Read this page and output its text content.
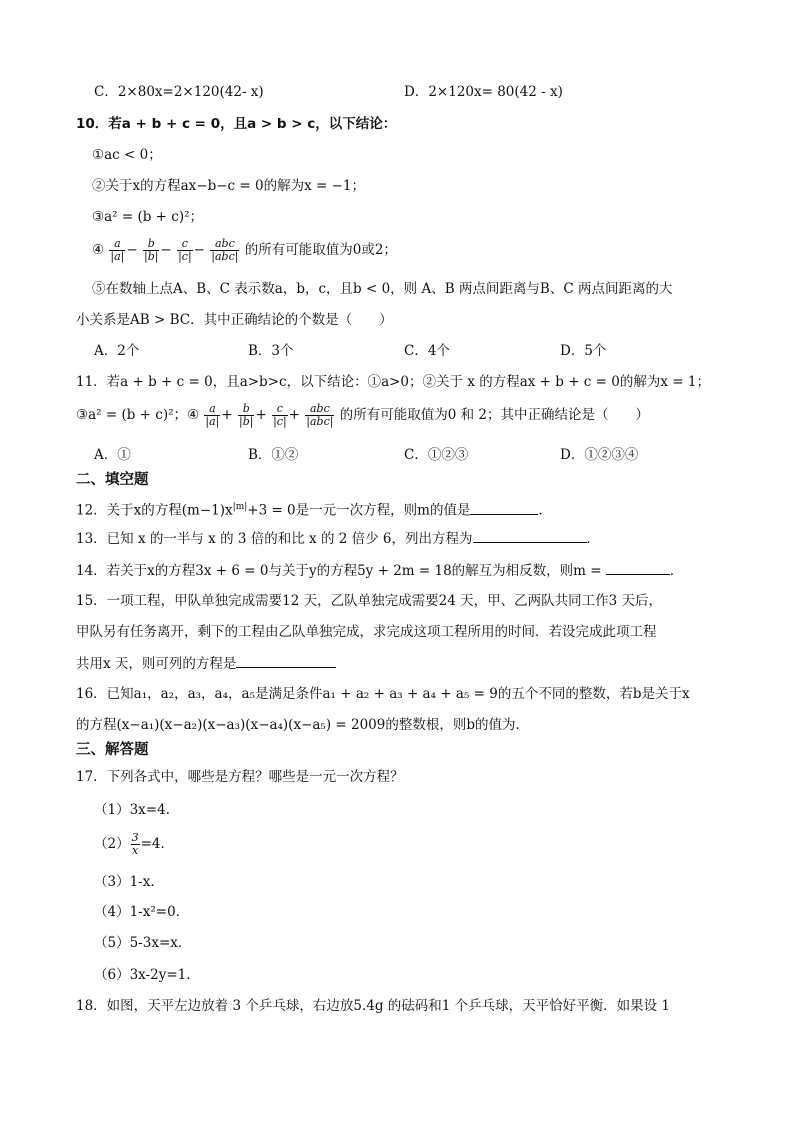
C．2×80x=2×120(42- x)	D．2×120x= 80(42 - x)
10．若a + b + c = 0，且a > b > c，以下结论：
①ac < 0；
②关于x的方程ax−b−c = 0的解为x = −1；
③a² = (b + c)²；
④ $\frac{a}{|a|} - \frac{b}{|b|} - \frac{c}{|c|} - \frac{\text{abc}}{\text{|abc|}}$ 的所有可能取值为0或2；
⑤在数轴上点A、B、C 表示数a，b，c，且b < 0，则 A、B 两点间距离与B、C 两点间距离的大
小关系是AB > BC．其中正确结论的个数是（　　）
A．2个	B．3个	C．4个	D．5个
11．若a + b + c = 0，且a>b>c，以下结论：①a>0；②关于 x 的方程ax + b + c = 0的解为x = 1；
③a² = (b + c)²；④ $\frac{a}{|a|} + \frac{b}{|b|} + \frac{c}{|c|} + \frac{\text{abc}}{\text{|abc|}}$ 的所有可能取值为0 和 2；其中正确结论是（　　）
A．①	B．①②	C．①②③	D．①②③④
二、填空题
12．关于x的方程$(m-1)x^{|m|}+3 = 0$是一元一次方程，则m的值是	．
13．已知 x 的一半与 x 的 3 倍的和比 x 的 2 倍少 6，列出方程为	．
14．若关于x的方程3x + 6 = 0与关于y的方程5y + 2m = 18的解互为相反数，则m =	．
15．一项工程，甲队单独完成需要12 天，乙队单独完成需要24 天，甲、乙两队共同工作3 天后，
甲队另有任务离开，剩下的工程由乙队单独完成，求完成这项工程所用的时间．若设完成此项工程
共用x 天，则可列的方程是
16．已知a₁，a₂，a₃，a₄，a₅是满足条件a₁ + a₂ + a₃ + a₄ + a₅ = 9的五个不同的整数，若b是关于x
的方程(x−a₁)(x−a₂)(x−a₃)(x−a₄)(x−a₅) = 2009的整数根，则b的值为．
三、解答题
17．下列各式中，哪些是方程？哪些是一元一次方程？
（1）3x=4．
$(2) \frac{3}{x} =4$．
（3）1-x．
（4）1-x²=0．
（5）5-3x=x．
（6）3x-2y=1．
18．如图，天平左边放着 3 个乒乓球，右边放5.4g 的砝码和1 个乒乓球，天平恰好平衡．如果设 1
